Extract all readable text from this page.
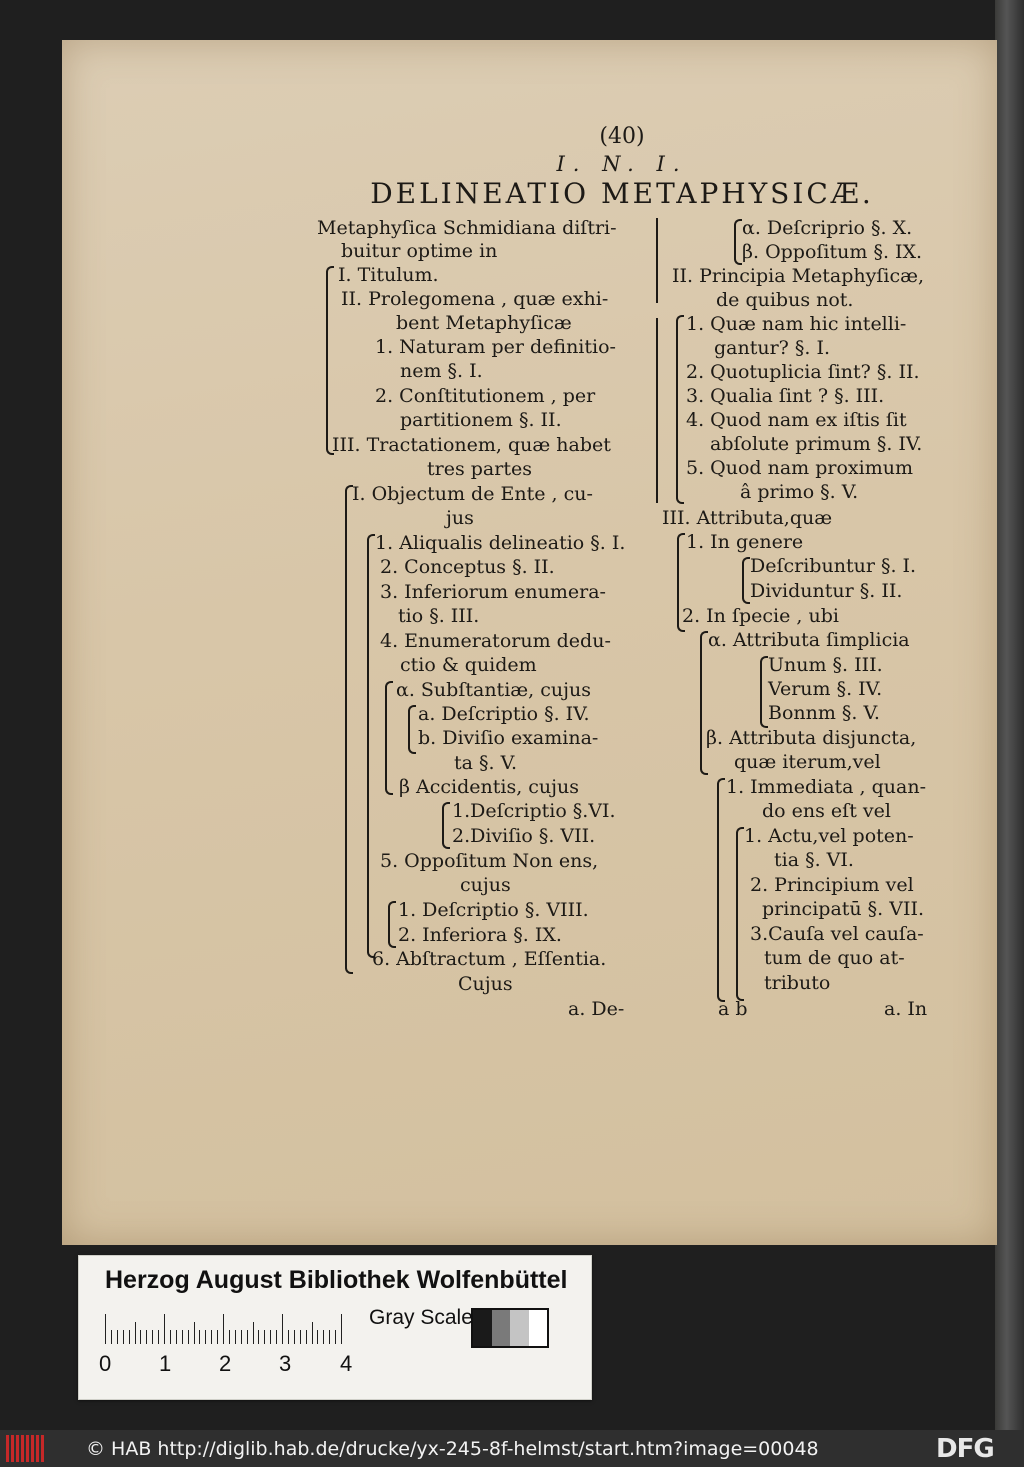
(40)
I. N. I.
DELINEATIO METAPHYSICÆ.
Metaphyſica Schmidiana diſtri-
buitur optime in
I. Titulum.
II. Prolegomena , quæ exhi-
bent Metaphyſicæ
1. Naturam per definitio-
nem §. I.
2. Conſtitutionem , per
partitionem §. II.
III. Tractationem, quæ habet
tres partes
I. Objectum de Ente , cu-
jus
1. Aliqualis delineatio §. I.
2. Conceptus §. II.
3. Inferiorum enumera-
tio §. III.
4. Enumeratorum dedu-
ctio & quidem
α. Subſtantiæ, cujus
a. Deſcriptio §. IV.
b. Diviſio examina-
ta §. V.
β Accidentis, cujus
1.Deſcriptio §.VI.
2.Diviſio §. VII.
5. Oppoſitum Non ens,
cujus
1. Deſcriptio §. VIII.
2. Inferiora §. IX.
6. Abſtractum , Eſſentia.
Cujus
a. De-
α. Deſcriprio §. X.
β. Oppoſitum §. IX.
II. Principia Metaphyſicæ,
de quibus not.
1. Quæ nam hic intelli-
gantur? §. I.
2. Quotuplicia ſint? §. II.
3. Qualia ſint ? §. III.
4. Quod nam ex iſtis ſit
abſolute primum §. IV.
5. Quod nam proximum
â primo §. V.
III. Attributa,quæ
1. In genere
Deſcribuntur §. I.
Dividuntur §. II.
2. In ſpecie , ubi
α. Attributa ſimplicia
Unum §. III.
Verum §. IV.
Bonnm §. V.
β. Attributa disjuncta,
quæ iterum,vel
1. Immediata , quan-
do ens eſt vel
1. Actu,vel poten-
tia §. VI.
2. Principium vel
principatū §. VII.
3.Cauſa vel cauſa-
tum de quo at-
tributo
a b	a. In
Herzog August Bibliothek Wolfenbüttel
0 1 2 3 4
Gray Scale
© HAB http://diglib.hab.de/drucke/yx-245-8f-helmst/start.htm?image=00048	DFG
